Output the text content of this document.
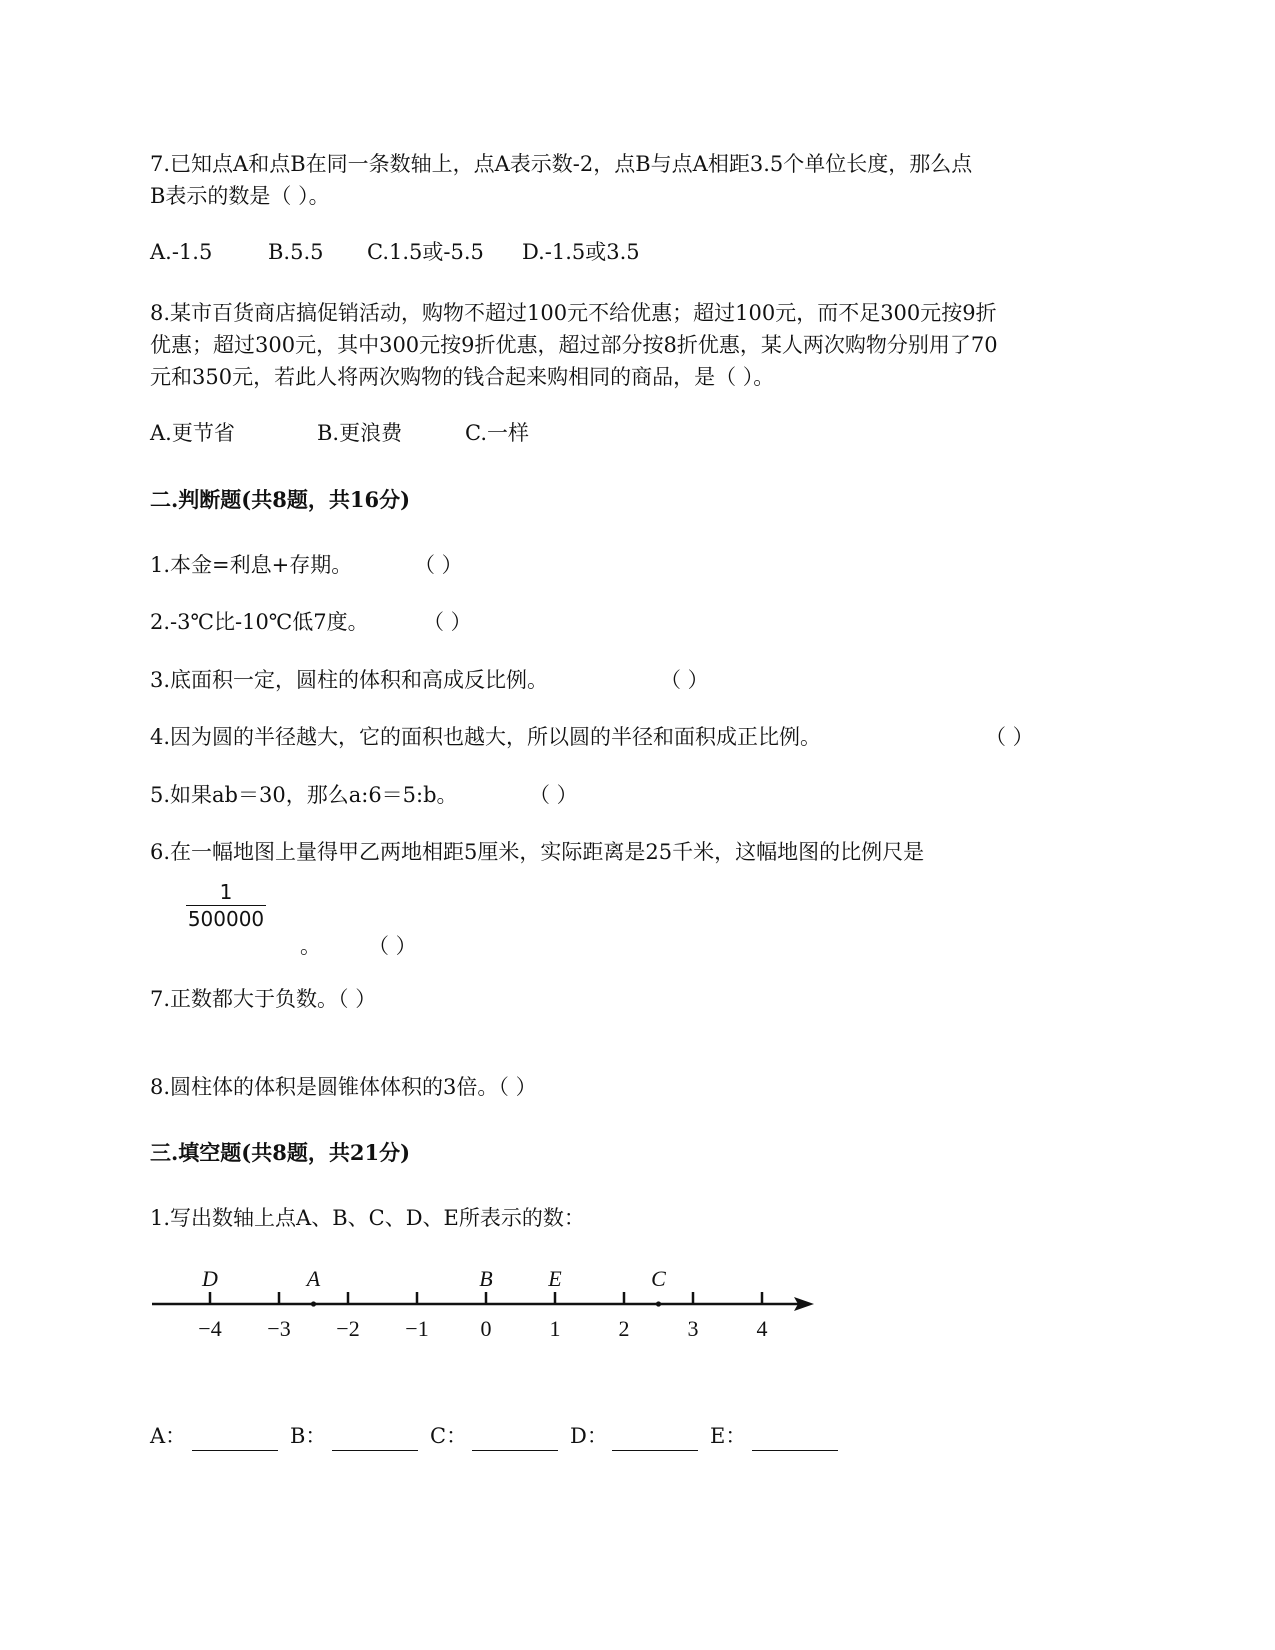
7.已知点A和点B在同一条数轴上，点A表示数-2，点B与点A相距3.5个单位长度，那么点
B表示的数是（ ）。
A.-1.5	B.5.5 C.1.5或-5.5 D.-1.5或3.5
8.某市百货商店搞促销活动，购物不超过100元不给优惠；超过100元，而不足300元按9折
优惠；超过300元，其中300元按9折优惠，超过部分按8折优惠，某人两次购物分别用了70
元和350元，若此人将两次购物的钱合起来购相同的商品，是（ ）。
A.更节省	B.更浪费	C.一样
二.判断题(共8题，共16分)
1.本金=利息+存期。	（ ）
2.-3℃比-10℃低7度。	（ ）
3.底面积一定，圆柱的体积和高成反比例。	（ ）
4.因为圆的半径越大，它的面积也越大，所以圆的半径和面积成正比例。	（ ）
5.如果ab＝30，那么a:6＝5:b。	（ ）
6.在一幅地图上量得甲乙两地相距5厘米，实际距离是25千米，这幅地图的比例尺是
1
500000
。 （ ）
7.正数都大于负数。（ ）
8.圆柱体的体积是圆锥体体积的3倍。（ ）
三.填空题(共8题，共21分)
1.写出数轴上点A、B、C、D、E所表示的数：
−4 −3 −2 −1 0	1	2	3	4
D	A	B	E	C
A：	B：	C：	D：	E：
